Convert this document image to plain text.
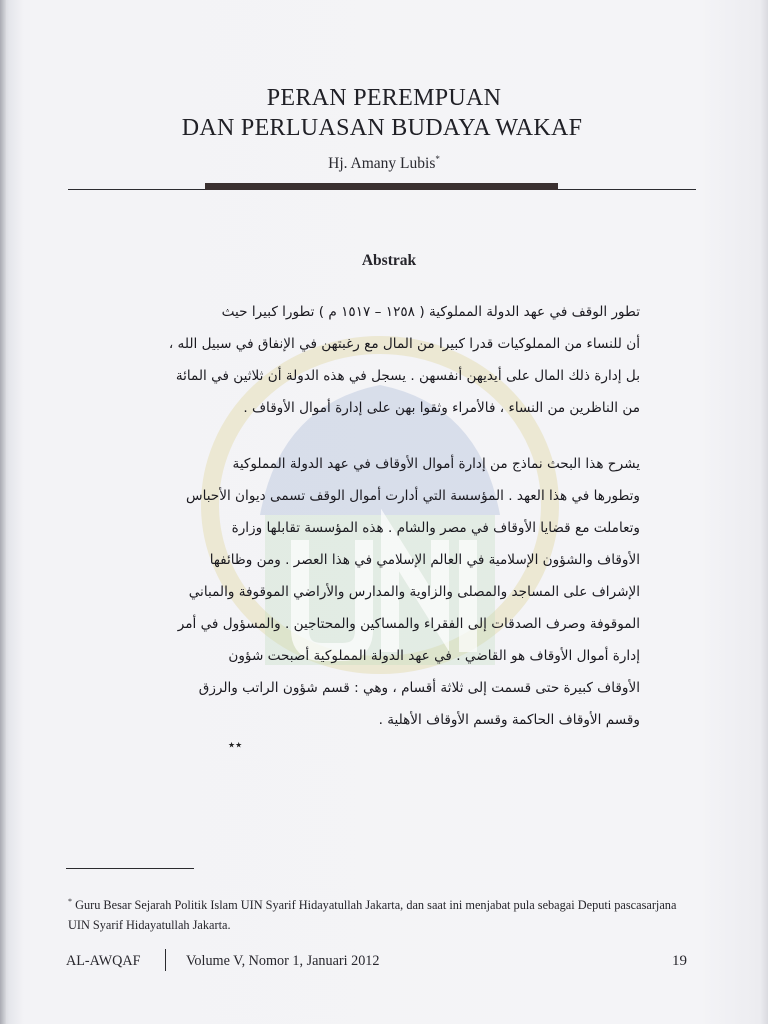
PERAN PEREMPUAN
DAN PERLUASAN BUDAYA WAKAF
Hj. Amany Lubis*
Abstrak
تطور الوقف في عهد الدولة المملوكية ( ١٢٥٨ – ١٥١٧ م ) تطورا كبيرا حيث
أن للنساء من المملوكيات قدرا كبيرا من المال مع رغبتهن في الإنفاق في سبيل الله ،
بل إدارة ذلك المال على أيديهن أنفسهن . يسجل في هذه الدولة أن ثلاثين في المائة
من الناظرين من النساء ، فالأمراء وثقوا بهن على إدارة أموال الأوقاف .
يشرح هذا البحث نماذج من إدارة أموال الأوقاف في عهد الدولة المملوكية
وتطورها في هذا العهد . المؤسسة التي أدارت أموال الوقف تسمى ديوان الأحباس
وتعاملت مع قضايا الأوقاف في مصر والشام . هذه المؤسسة تقابلها وزارة
الأوقاف والشؤون الإسلامية في العالم الإسلامي في هذا العصر . ومن وظائفها
الإشراف على المساجد والمصلى والزاوية والمدارس والأراضي الموقوفة والمباني
الموقوفة وصرف الصدقات إلى الفقراء والمساكين والمحتاجين . والمسؤول في أمر
إدارة أموال الأوقاف هو القاضي . في عهد الدولة المملوكية أصبحت شؤون
الأوقاف كبيرة حتى قسمت إلى ثلاثة أقسام ، وهي : قسم شؤون الراتب والرزق
وقسم الأوقاف الحاكمة وقسم الأوقاف الأهلية .
٭٭
* Guru Besar Sejarah Politik Islam UIN Syarif Hidayatullah Jakarta, dan saat ini menjabat pula sebagai Deputi pascasarjana UIN Syarif Hidayatullah Jakarta.
AL-AWQAF	Volume V, Nomor 1, Januari 2012	19
